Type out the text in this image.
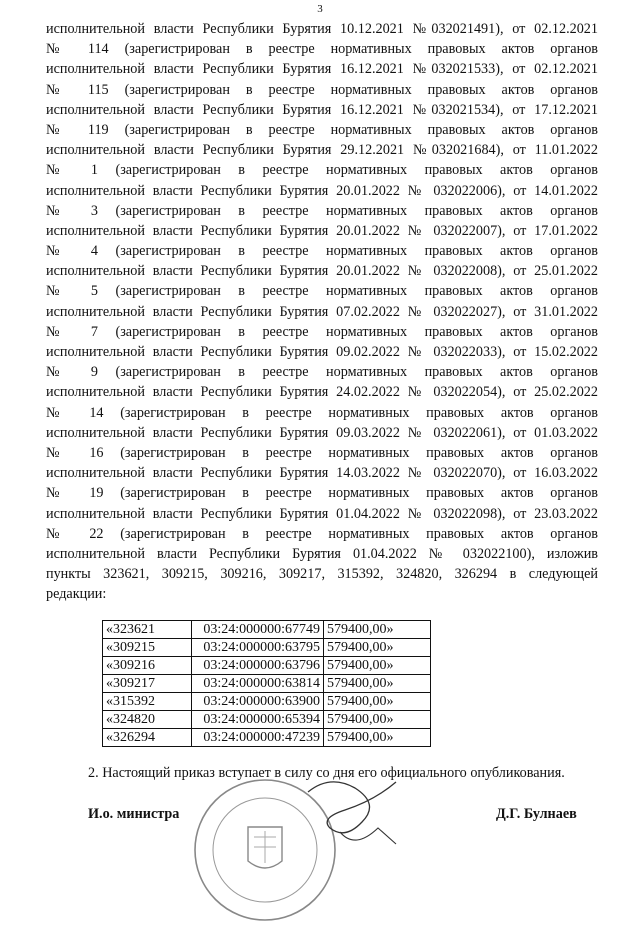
3
исполнительной власти Республики Бурятия 10.12.2021 №032021491), от 02.12.2021
№ 114 (зарегистрирован в реестре нормативных правовых актов органов
исполнительной власти Республики Бурятия 16.12.2021 №032021533), от 02.12.2021
№ 115 (зарегистрирован в реестре нормативных правовых актов органов
исполнительной власти Республики Бурятия 16.12.2021 №032021534), от 17.12.2021
№ 119 (зарегистрирован в реестре нормативных правовых актов органов
исполнительной власти Республики Бурятия 29.12.2021 №032021684), от 11.01.2022
№ 1 (зарегистрирован в реестре нормативных правовых актов органов
исполнительной власти Республики Бурятия 20.01.2022 № 032022006), от 14.01.2022
№ 3 (зарегистрирован в реестре нормативных правовых актов органов
исполнительной власти Республики Бурятия 20.01.2022 № 032022007), от 17.01.2022
№ 4 (зарегистрирован в реестре нормативных правовых актов органов
исполнительной власти Республики Бурятия 20.01.2022 № 032022008), от 25.01.2022
№ 5 (зарегистрирован в реестре нормативных правовых актов органов
исполнительной власти Республики Бурятия 07.02.2022 № 032022027), от 31.01.2022
№ 7 (зарегистрирован в реестре нормативных правовых актов органов
исполнительной власти Республики Бурятия 09.02.2022 № 032022033), от 15.02.2022
№ 9 (зарегистрирован в реестре нормативных правовых актов органов
исполнительной власти Республики Бурятия 24.02.2022 № 032022054), от 25.02.2022
№ 14 (зарегистрирован в реестре нормативных правовых актов органов
исполнительной власти Республики Бурятия 09.03.2022 № 032022061), от 01.03.2022
№ 16 (зарегистрирован в реестре нормативных правовых актов органов
исполнительной власти Республики Бурятия 14.03.2022 № 032022070), от 16.03.2022
№ 19 (зарегистрирован в реестре нормативных правовых актов органов
исполнительной власти Республики Бурятия 01.04.2022 № 032022098), от 23.03.2022
№ 22 (зарегистрирован в реестре нормативных правовых актов органов
исполнительной власти Республики Бурятия 01.04.2022 № 032022100), изложив
пункты 323621, 309215, 309216, 309217, 315392, 324820, 326294 в следующей
редакции:
«323621	03:24:000000:67749	579400,00»
«309215	03:24:000000:63795	579400,00»
«309216	03:24:000000:63796	579400,00»
«309217	03:24:000000:63814	579400,00»
«315392	03:24:000000:63900	579400,00»
«324820	03:24:000000:65394	579400,00»
«326294	03:24:000000:47239	579400,00»
2. Настоящий приказ вступает в силу со дня его официального опубликования.
И.о. министра	Д.Г. Булнаев
